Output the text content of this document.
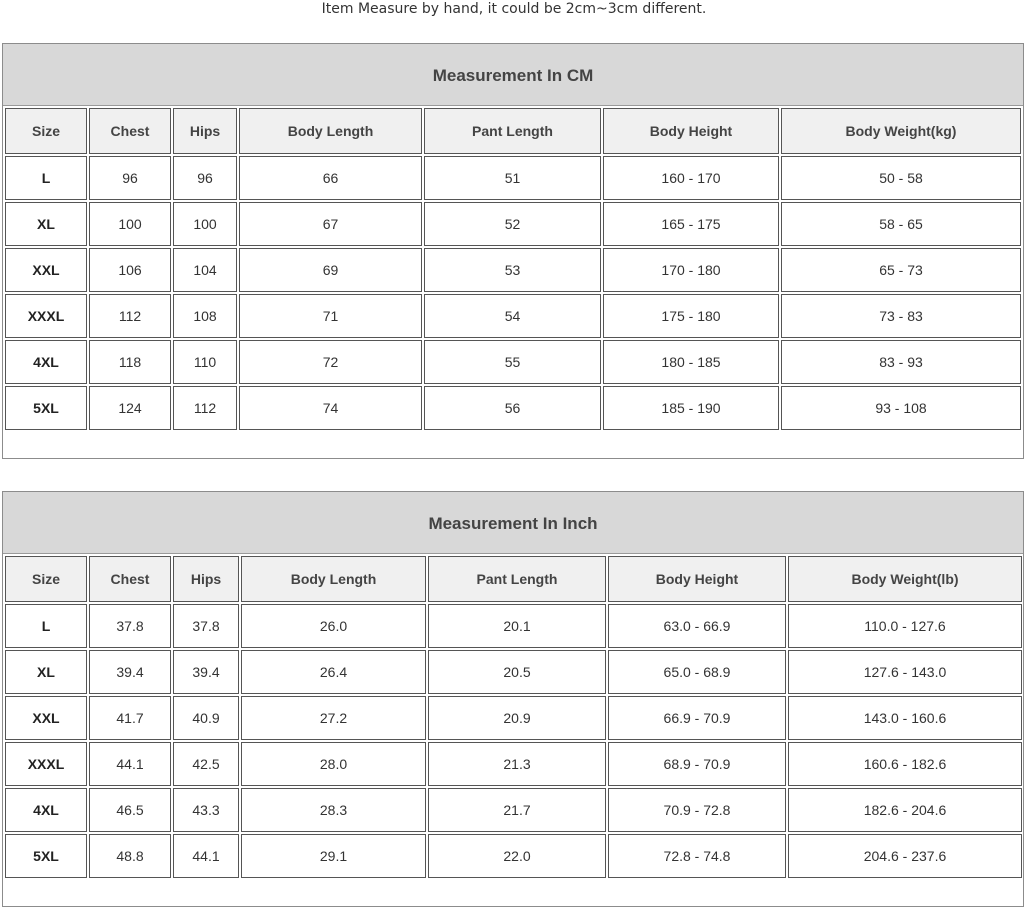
Item Measure by hand, it could be 2cm~3cm different.
Measurement In CM
Size	Chest	Hips	Body Length	Pant Length	Body Height	Body Weight(kg)
L	96	96	66	51	160 - 170	50 - 58
XL	100	100	67	52	165 - 175	58 - 65
XXL	106	104	69	53	170 - 180	65 - 73
XXXL	112	108	71	54	175 - 180	73 - 83
4XL	118	110	72	55	180 - 185	83 - 93
5XL	124	112	74	56	185 - 190	93 - 108
Measurement In Inch
Size	Chest	Hips	Body Length	Pant Length	Body Height	Body Weight(lb)
L	37.8	37.8	26.0	20.1	63.0 - 66.9	110.0 - 127.6
XL	39.4	39.4	26.4	20.5	65.0 - 68.9	127.6 - 143.0
XXL	41.7	40.9	27.2	20.9	66.9 - 70.9	143.0 - 160.6
XXXL	44.1	42.5	28.0	21.3	68.9 - 70.9	160.6 - 182.6
4XL	46.5	43.3	28.3	21.7	70.9 - 72.8	182.6 - 204.6
5XL	48.8	44.1	29.1	22.0	72.8 - 74.8	204.6 - 237.6
